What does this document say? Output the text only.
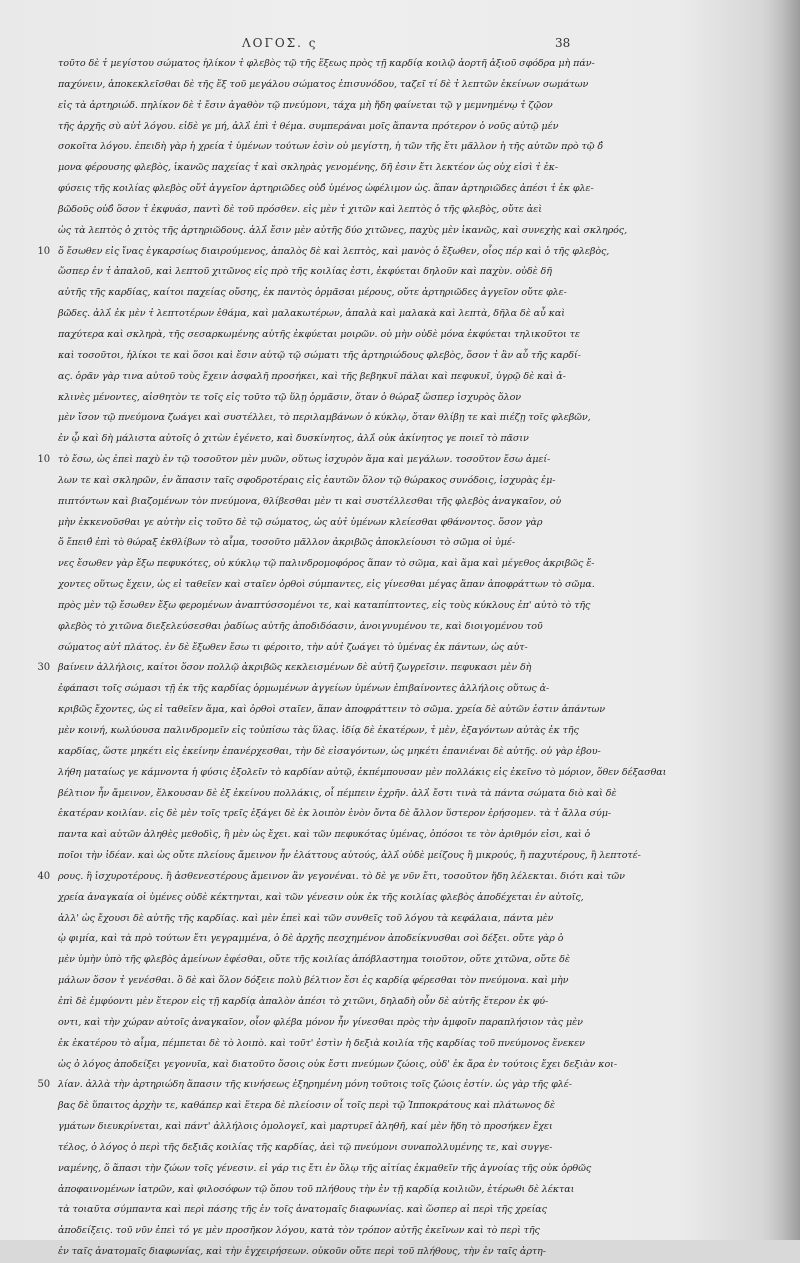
ΛΟΓΟΣ. ς	38
τοῦτο δὲ τ̓ μεγίστου σώματος ἡλίκον τ̓ φλεβὸς τῷ τῆς ἕξεως πρὸς τῇ καρδίᾳ κοιλῷ ἀορτῆ ἀξιοῦ σφόδρα μὴ πάν-
παχύνειν, ἀποκεκλεῖσθαι δὲ τῆς ἕξ τοῦ μεγάλου σώματος ἐπισυνόδου, ταζεῖ τί δὲ τ̓ λεπτῶν ἐκείνων σωμάτων
εἰς τὰ ἀρτηριώδ. πηλίκον δὲ τ̓ ἔσιν ἀγαθὸν τῷ πνεύμονι, τάχα μὴ ἤδη φαίνεται τῷ γ μεμνημένῳ τ̓ ζῷον
τῆς ἀρχῆς σὺ αὐτ̓ λόγου. εἰδὲ γε μή, ἀλλ̓ ἐπὶ τ̓ θέμα. συμπεράναι μοῖς ἅπαντα πρότερον ὁ νοῦς αὐτῷ μέν
σοκοῖτα λόγου. ἐπειδὴ γὰρ ἡ χρεία τ̓ ὑμένων τούτων ἐσὶν οὐ μεγίστη, ἡ τῶν τῆς ἔτι μᾶλλον ἡ τῆς αὐτῶν πρὸ τῷ δ̓
μονα φέρουσης φλεβὸς, ἱκανῶς παχείας τ̓ καὶ σκληρὰς γενομένης, δῆ ἐσιν ἔτι λεκτέον ὡς οὐχ εἰσὶ τ̓ ἐκ-
φύσεις τῆς κοιλίας φλεβὸς οὔτ̓ ἀγγεῖον ἀρτηριῶδες οὐδ̓ ὑμένος ὠφέλιμον ὡς. ἅπαν ἀρτηριῶδες ἀπέσι τ̓ ἐκ φλε-
βῶδοῦς οὐδ̓ ὅσον τ̓ ἐκφυάσ, παντὶ δὲ τοῦ πρόσθεν. εἰς μὲν τ̓ χιτῶν καὶ λεπτὸς ὁ τῆς φλεβὸς, οὔτε ἀεὶ
ὡς τὰ λεπτὸς ὁ χιτὸς τῆς ἀρτηριῶδους. ἀλλ̓ ἔσιν μὲν αὐτῆς δύο χιτῶνες, παχὺς μὲν ἱκανῶς, καὶ συνεχὴς καὶ σκληρός,
10 ὅ ἔσωθεν εἰς ἴνας ἐγκαρσίως διαιρούμενος, ἁπαλὸς δὲ καὶ λεπτὸς, καὶ μανὸς ὁ ἔξωθεν, οἷος πέρ καὶ ὁ τῆς φλεβὸς,
ὥσπερ ἐν τ̓ ἀπαλοῦ, καὶ λεπτοῦ χιτῶνος εἰς πρὸ τῆς κοιλίας ἐστι, ἐκφύεται δηλοῦν καὶ παχὺν. οὐδὲ δῆ
αὐτῆς τῆς καρδίας, καίτοι παχείας οὔσης, ἐκ παντὸς ὁρμᾶσαι μέρους, οὔτε ἀρτηριῶδες ἀγγεῖον οὔτε φλε-
βῶδες. ἀλλ̓ ἐκ μὲν τ̓ λεπτοτέρων ἐθάμα, καὶ μαλακωτέρων, ἁπαλὰ καὶ μαλακὰ καὶ λεπτὰ, δῆλα δὲ αὖ καὶ
παχύτερα καὶ σκληρὰ, τῆς σεσαρκωμένης αὐτῆς ἐκφύεται μοιρῶν. οὐ μὴν οὐδὲ μόνα ἐκφύεται τηλικοῦτοι τε
καὶ τοσοῦτοι, ἡλίκοι τε καὶ ὅσοι καὶ ἔσιν αὐτῷ τῷ σώματι τῆς ἀρτηριώδους φλεβὸς, ὅσον τ̓ ἂν αὖ τῆς καρδί-
ας. ὁρᾶν γὰρ τινα αὐτοῦ τοὺς ἔχειν ἀσφαλῆ προσήκει, καὶ τῆς βεβηκυῖ πάλαι καὶ πεφυκυῖ, ὑγρῷ δὲ καὶ ἀ-
κλινὲς μένοντες, αἰσθητὸν τε τοῖς εἰς τοῦτο τῷ ὕλῃ ὁρμᾶσιν, ὅταν ὁ θώραξ ὥσπερ ἰσχυρὸς ὅλον
μὲν ἴσον τῷ πνεύμονα ζωάγει καὶ συστέλλει, τὸ περιλαμβάνων ὁ κύκλῳ, ὅταν θλίβῃ τε καὶ πιέζῃ τοῖς φλεβῶν,
ἐν ᾧ καὶ δὴ μάλιστα αὐτοῖς ὁ χιτὼν ἐγένετο, καὶ δυσκίνητος, ἀλλ̓ οὐκ ἀκίνητος γε ποιεῖ τὸ πᾶσιν
10 τὸ ἔσω, ὡς ἐπεὶ παχὺ ἐν τῷ τοσοῦτον μὲν μυῶν, οὕτως ἰσχυρὸν ἅμα καὶ μεγάλων. τοσοῦτον ἔσω ἀμεί-
λων τε καὶ σκληρῶν, ἐν ἅπασιν ταῖς σφοδροτέραις εἰς ἑαυτῶν ὅλον τῷ θώρακος συνόδοις, ἰσχυρὰς ἐμ-
πιπτόντων καὶ βιαζομένων τὸν πνεύμονα, θλίβεσθαι μὲν τι καὶ συστέλλεσθαι τῆς φλεβὸς ἀναγκαῖον, οὐ
μὴν ἐκκενοῦσθαι γε αὐτὴν εἰς τοῦτο δὲ τῷ σώματος, ὡς αὐτ̓ ὑμένων κλείεσθαι φθάνοντος. ὅσον γὰρ
ὅ ἔπειθ̓ ἐπὶ τὸ θώραξ ἐκθλίβων τὸ αἷμα, τοσοῦτο μᾶλλον ἀκριβῶς ἀποκλείουσι τὸ σῶμα οἱ ὑμέ-
νες ἔσωθεν γὰρ ἔξω πεφυκότες, οὐ κύκλῳ τῷ παλινδρομοφόρος ἅπαν τὸ σῶμα, καὶ ἅμα καὶ μέγεθος ἀκριβῶς ἔ-
χοντες οὕτως ἔχειν, ὡς εἰ ταθεῖεν καὶ σταῖεν ὀρθοὶ σύμπαντες, εἰς γίνεσθαι μέγας ἅπαν ἀποφράττων τὸ σῶμα.
πρὸς μὲν τῷ ἔσωθεν ἔξω φερομένων ἀναπτύσσομένοι τε, καὶ καταπίπτοντες, εἰς τοὺς κύκλους ἐπ' αὐτὸ τὸ τῆς
φλεβὸς τὸ χιτῶνα διεξελεύσεσθαι ῥαδίως αὐτῆς ἀποδιδόασιν, ἀνοιγνυμένου τε, καὶ διοιγομένου τοῦ
σώματος αὐτ̓ πλάτος. ἐν δὲ ἔξωθεν ἔσω τι φέροιτο, τὴν αὐτ̓ ζωάγει τὸ ὑμένας ἐκ πάντων, ὡς αὐτ-
30 βαίνειν ἀλλήλοις, καίτοι ὅσον πολλῷ ἀκριβῶς κεκλεισμένων δὲ αὐτῆ ζωγρεῖσιν. πεφυκασι μὲν δὴ
ἐφάπασι τοῖς σώμασι τῇ ἐκ τῆς καρδίας ὁρμωμένων ἀγγείων ὑμένων ἐπιβαίνοντες ἀλλήλοις οὕτως ἀ-
κριβῶς ἔχοντες, ὡς εἰ ταθεῖεν ἅμα, καὶ ὀρθοὶ σταῖεν, ἅπαν ἀποφράττειν τὸ σῶμα. χρεία δὲ αὐτῶν ἐστιν ἁπάντων
μὲν κοινή, κωλύουσα παλινδρομεῖν εἰς τοὐπίσω τὰς ὕλας. ἰδίᾳ δὲ ἑκατέρων, τ̓ μὲν, ἐξαγόντων αὐτὰς ἐκ τῆς
καρδίας, ὥστε μηκέτι εἰς ἐκείνην ἐπανέρχεσθαι, τὴν δὲ εἰσαγόντων, ὡς μηκέτι ἐπανιέναι δὲ αὐτῆς. οὐ γὰρ ἐβου-
λήθη ματαίως γε κάμνοντα ἡ φύσις ἐξολεῖν τὸ καρδίαν αὐτῷ, ἐκπέμπουσαν μὲν πολλάκις εἰς ἐκεῖνο τὸ μόριον, ὅθεν δέξασθαι
βέλτιον ἦν ἄμεινον, ἕλκουσαν δὲ ἐξ ἐκείνου πολλάκις, οἷ πέμπειν ἐχρῆν. ἀλλ̓ ἔστι τινὰ τὰ πάντα σώματα διὸ καὶ δὲ
ἑκατέραν κοιλίαν. εἰς δὲ μὲν τοῖς τρεῖς ἐξάγει δὲ ἐκ λοιπὸν ἑνὸν ὄντα δὲ ἄλλον ὕστερον ἐρήσομεν. τὰ τ̓ ἄλλα σύμ-
παντα καὶ αὐτῶν ἀληθὲς μεθοδὶς, ἣ μὲν ὡς ἔχει. καὶ τῶν πεφυκότας ὑμένας, ὁπόσοι τε τὸν ἀριθμόν εἰσι, καὶ ὁ
ποῖοι τὴν ἰδέαν. καὶ ὡς οὔτε πλείους ἄμεινον ἦν ἐλάττους αὐτούς, ἀλλ̓ οὐδὲ μείζους ἢ μικρούς, ἢ παχυτέρους, ἢ λεπτοτέ-
40 ρους. ἢ ἰσχυροτέρους. ἢ ἀσθενεστέρους ἄμεινον ἂν γεγονέναι. τὸ δὲ γε νῦν ἔτι, τοσοῦτον ἤδη λέλεκται. διότι καὶ τῶν
χρεία ἀναγκαία οἱ ὑμένες οὐδὲ κέκτηνται, καὶ τῶν γένεσιν οὐκ ἐκ τῆς κοιλίας φλεβὸς ἀποδέχεται ἐν αὐτοῖς,
ἀλλ' ὡς ἔχουσι δὲ αὐτῆς τῆς καρδίας. καὶ μὲν ἐπεὶ καὶ τῶν συνθεῖς τοῦ λόγου τὰ κεφάλαια, πάντα μὲν
ᾠ φιμία, καὶ τὰ πρὸ τούτων ἔτι γεγραμμένα, ὁ δὲ ἀρχῆς πεσχημένον ἀποδείκνυσθαι σοὶ δέξει. οὔτε γὰρ ὁ
μὲν ὑμὴν ὑπὸ τῆς φλεβὸς ἀμείνων ἐφέσθαι, οὔτε τῆς κοιλίας ἀπόβλαστημα τοιοῦτον, οὔτε χιτῶνα, οὔτε δὲ
μάλων ὅσον τ̓ γενέσθαι. ὃ δὲ καὶ ὅλον δόξειε πολὺ βέλτιον ἔσι ἐς καρδίᾳ φέρεσθαι τὸν πνεύμονα. καὶ μὴν
ἐπὶ δὲ ἐμφύοντι μὲν ἕτερον εἰς τῇ καρδίᾳ ἁπαλὸν ἀπέσι τὸ χιτῶνι, δηλαδὴ οὖν δὲ αὐτῆς ἕτερον ἐκ φύ-
οντι, καὶ τὴν χώραν αὐτοῖς ἀναγκαῖον, οἷον φλέβα μόνον ἦν γίνεσθαι πρὸς τὴν ἀμφοῖν παραπλήσιον τὰς μὲν
ἐκ ἑκατέρου τὸ αἷμα, πέμπεται δὲ τὸ λοιπὸ. καὶ τοῦτ' ἐστὶν ἡ δεξιὰ κοιλία τῆς καρδίας τοῦ πνεύμονος ἕνεκεν
ὡς ὁ λόγος ἀποδείξει γεγονυῖα, καὶ διατοῦτο ὅσοις οὐκ ἔστι πνεύμων ζώοις, οὐδ' ἐκ ἄρα ἐν τούτοις ἔχει δεξιὰν κοι-
50 λίαν. ἀλλὰ τὴν ἀρτηριώδη ἅπασιν τῆς κινήσεως ἐξηρημένη μόνη τοῦτοις τοῖς ζώοις ἐστίν. ὡς γὰρ τῆς φλέ-
βας δὲ ὕπαιτος ἀρχὴν τε, καθάπερ καὶ ἕτερα δὲ πλείοσιν οἷ τοῖς περὶ τῷ Ἱπποκράτους καὶ πλάτωνος δὲ
γμάτων διευκρίνεται, καὶ πάντ' ἀλλήλοις ὁμολογεῖ, καὶ μαρτυρεῖ ἀληθῆ, καί μὲν ἤδη τὸ προσήκεν ἔχει
τέλος, ὁ λόγος ὁ περὶ τῆς δεξιᾶς κοιλίας τῆς καρδίας, ἀεὶ τῷ πνεύμονι συναπολλυμένης τε, καὶ συγγε-
ναμένης, ὅ ἅπασι τὴν ζώων τοῖς γένεσιν. εἰ γάρ τις ἔτι ἐν ὅλῳ τῆς αἰτίας ἐκμαθεῖν τῆς ἀγνοίας τῆς οὐκ ὀρθῶς
ἀποφαινομένων ἰατρῶν, καὶ φιλοσόφων τῷ ὅπου τοῦ πλήθους τὴν ἐν τῇ καρδίᾳ κοιλιῶν, ἐτέρωθι δὲ λέκται
τὰ τοιαῦτα σύμπαντα καὶ περὶ πάσης τῆς ἐν τοῖς ἀνατομαῖς διαφωνίας. καὶ ὥσπερ αἱ περὶ τῆς χρείας
ἀποδείξεις. τοῦ νῦν ἐπεὶ τό γε μὲν προσῆκον λόγου, κατὰ τὸν τρόπον αὐτῆς ἐκεῖνων καὶ τὸ περὶ τῆς
ἐν ταῖς ἀνατομαῖς διαφωνίας, καὶ τὴν ἐγχειρήσεων. οὐκοῦν οὔτε περὶ τοῦ πλήθους, τὴν ἐν ταῖς ἀρτη-
